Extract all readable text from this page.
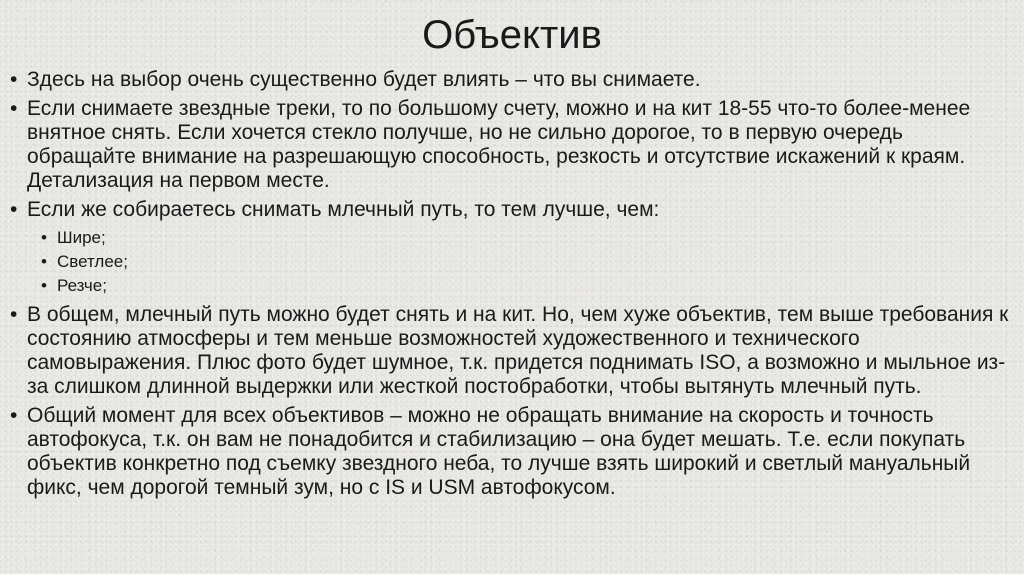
Объектив
• Здесь на выбор очень существенно будет влиять – что вы снимаете.
• Если снимаете звездные треки, то по большому счету, можно и на кит 18-55 что-то более-менее внятное снять. Если хочется стекло получше, но не сильно дорогое, то в первую очередь обращайте внимание на разрешающую способность, резкость и отсутствие искажений к краям. Детализация на первом месте.
• Если же собираетесь снимать млечный путь, то тем лучше, чем:
• Шире;
• Светлее;
• Резче;
• В общем, млечный путь можно будет снять и на кит. Но, чем хуже объектив, тем выше требования к состоянию атмосферы и тем меньше возможностей художественного и технического самовыражения. Плюс фото будет шумное, т.к. придется поднимать ISO, а возможно и мыльное из-за слишком длинной выдержки или жесткой постобработки, чтобы вытянуть млечный путь.
• Общий момент для всех объективов – можно не обращать внимание на скорость и точность автофокуса, т.к. он вам не понадобится и стабилизацию – она будет мешать. Т.е. если покупать объектив конкретно под съемку звездного неба, то лучше взять широкий и светлый мануальный фикс, чем дорогой темный зум, но с IS и USM автофокусом.
